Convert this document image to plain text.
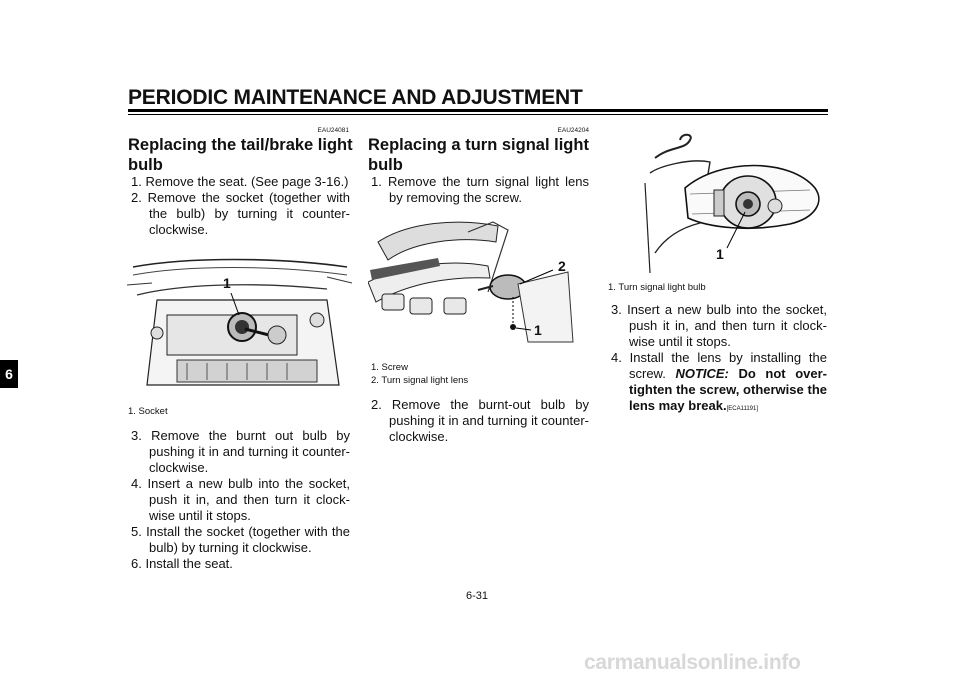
PERIODIC MAINTENANCE AND ADJUSTMENT
6
EAU24081
Replacing the tail/brake light bulb
1. Remove the seat. (See page 3-16.)
2. Remove the socket (together with the bulb) by turning it counter-clockwise.
1
1. Socket
3. Remove the burnt out bulb by pushing it in and turning it counter-clockwise.
4. Insert a new bulb into the socket, push it in, and then turn it clock-wise until it stops.
5. Install the socket (together with the bulb) by turning it clockwise.
6. Install the seat.
EAU24204
Replacing a turn signal light bulb
1. Remove the turn signal light lens by removing the screw.
2
1
1. Screw
2. Turn signal light lens
2. Remove the burnt-out bulb by pushing it in and turning it counter-clockwise.
1
1. Turn signal light bulb
3. Insert a new bulb into the socket, push it in, and then turn it clock-wise until it stops.
4. Install the lens by installing the screw. NOTICE: Do not over-tighten the screw, otherwise the lens may break.[ECA11191]
6-31
carmanualsonline.info
